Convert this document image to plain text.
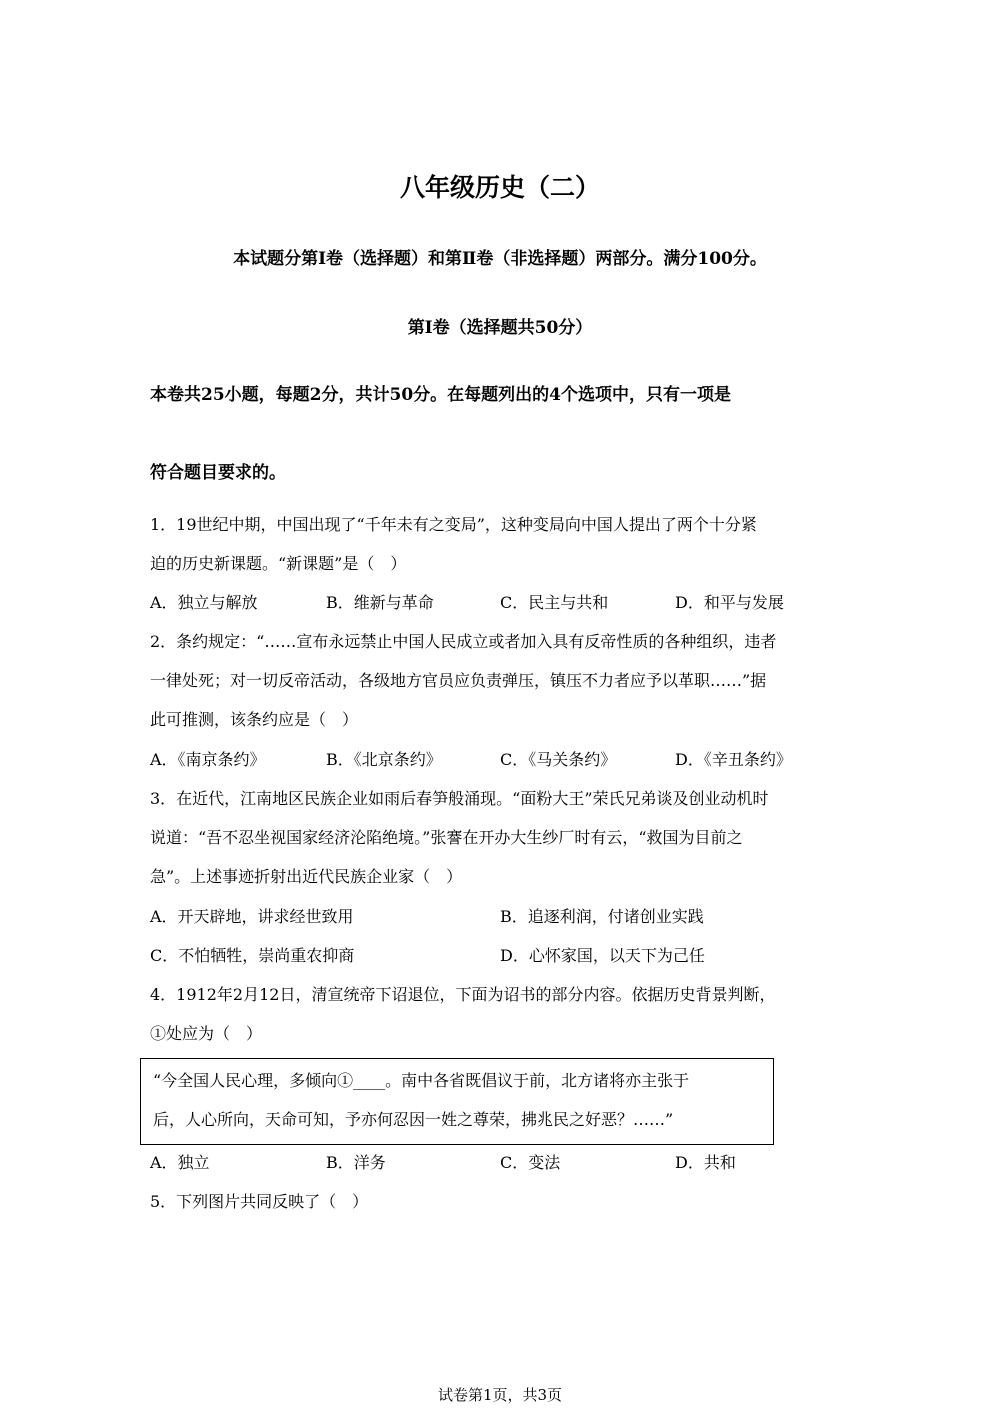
八年级历史（二）
本试题分第Ⅰ卷（选择题）和第Ⅱ卷（非选择题）两部分。满分100分。
第Ⅰ卷（选择题共50分）
本卷共25小题，每题2分，共计50分。在每题列出的4个选项中，只有一项是
符合题目要求的。
1．19世纪中期，中国出现了“千年未有之变局”，这种变局向中国人提出了两个十分紧
迫的历史新课题。“新课题”是（　）
A．独立与解放	B．维新与革命	C．民主与共和	D．和平与发展
2．条约规定：“……宣布永远禁止中国人民成立或者加入具有反帝性质的各种组织，违者
一律处死；对一切反帝活动，各级地方官员应负责弹压，镇压不力者应予以革职……”据
此可推测，该条约应是（　）
A．《南京条约》	B．《北京条约》	C．《马关条约》	D．《辛丑条约》
3．在近代，江南地区民族企业如雨后春笋般涌现。“面粉大王”荣氏兄弟谈及创业动机时
说道：“吾不忍坐视国家经济沦陷绝境。”张謇在开办大生纱厂时有云，“救国为目前之
急”。上述事迹折射出近代民族企业家（　）
A．开天辟地，讲求经世致用	B．追逐利润，付诸创业实践
C．不怕牺牲，崇尚重农抑商	D．心怀家国，以天下为己任
4．1912年2月12日，清宣统帝下诏退位，下面为诏书的部分内容。依据历史背景判断，
①处应为（　）
“今全国人民心理，多倾向①____。南中各省既倡议于前，北方诸将亦主张于
后，人心所向，天命可知，予亦何忍因一姓之尊荣，拂兆民之好恶？……”
A．独立	B．洋务	C．变法	D．共和
5．下列图片共同反映了（　）
试卷第1页，共3页
